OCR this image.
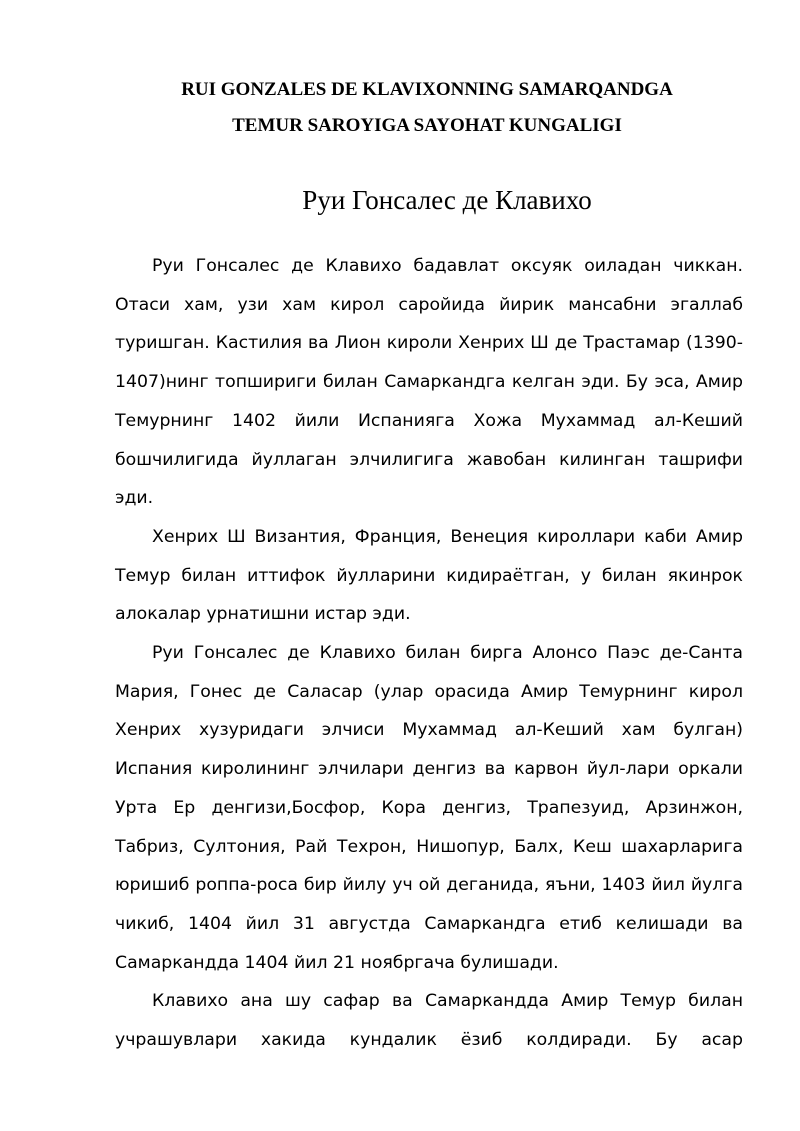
RUI GONZALES DE KLAVIXONNING SAMARQANDGA
TEMUR SAROYIGA SAYOHAT KUNGALIGI
Руи Гонсалес де Клавихо

Руи Гонсалес де Клавихо бадавлат оксуяк оиладан чиккан. Отаси хам, узи хам кирол саройида йирик мансабни эгаллаб туришган. Кастилия ва Лион кироли Хенрих Ш де Трастамар (1390-1407)нинг топшириги билан Самаркандга келган эди. Бу эса, Амир Темурнинг 1402 йили Испанияга Хожа Мухаммад ал-Кеший бошчилигида йуллаган элчилигига жавобан килинган ташрифи эди.

Хенрих Ш Византия, Франция, Венеция кироллари каби Амир Темур билан иттифок йулларини кидираётган, у билан якинрок алокалар урнатишни истар эди.

Руи Гонсалес де Клавихо билан бирга Алонсо Паэс де-Санта Мария, Гонес де Саласар (улар орасида Амир Темурнинг кирол Хенрих хузуридаги элчиси Мухаммад ал-Кеший хам булган) Испания киролининг элчилари денгиз ва карвон йул-лари оркали Урта Ер денгизи,Босфор, Кора денгиз, Трапезуид, Арзинжон, Табриз, Султония, Рай Техрон, Нишопур, Балх, Кеш шахарларига юришиб роппа-роса бир йилу уч ой деганида, яъни, 1403 йил йулга чикиб, 1404 йил 31 августда Самаркандга етиб келишади ва Самаркандда 1404 йил 21 ноябргача булишади.

Клавихо ана шу сафар ва Самаркандда Амир Темур билан учрашувлари хакида кундалик ёзиб колдиради. Бу асар
